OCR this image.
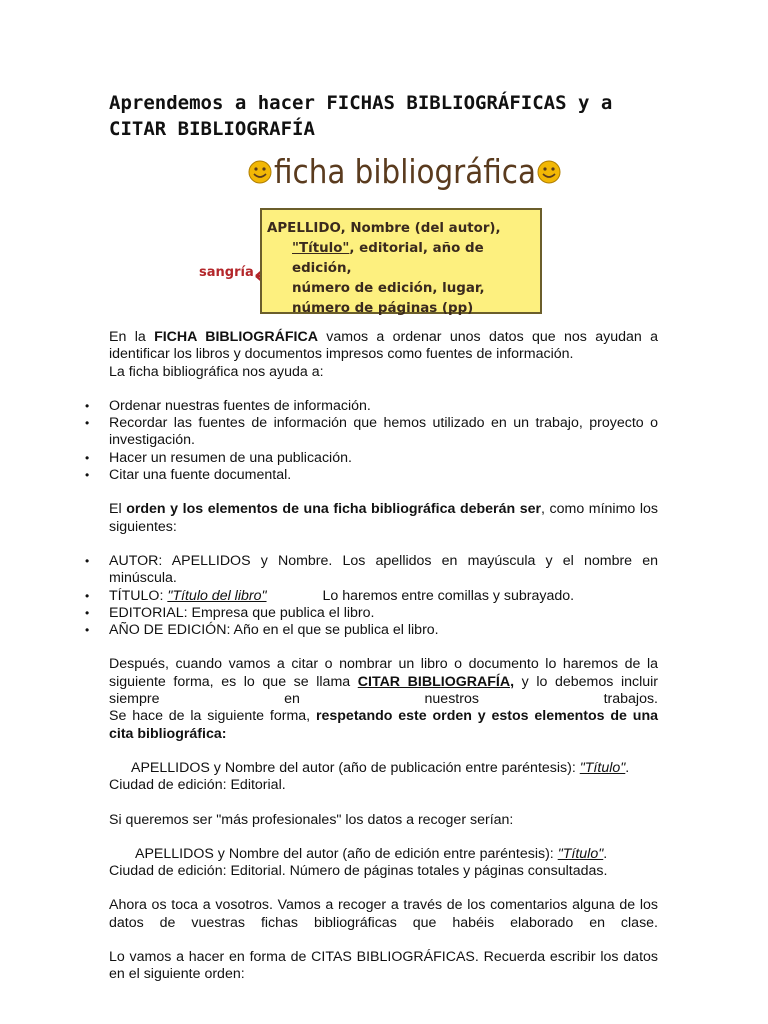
Aprendemos a hacer FICHAS BIBLIOGRÁFICAS y a CITAR BIBLIOGRAFÍA
ficha bibliográfica
sangría
APELLIDO, Nombre (del autor),
"Título", editorial, año de edición,
número de edición, lugar,
número de páginas (pp)

En la FICHA BIBLIOGRÁFICA vamos a ordenar unos datos que nos ayudan a

identificar los libros y documentos impresos como fuentes de información.

La ficha bibliográfica nos ayuda a:

• Ordenar nuestras fuentes de información.
• Recordar las fuentes de información que hemos utilizado en un trabajo, proyecto o investigación.
• Hacer un resumen de una publicación.
• Citar una fuente documental.

El orden y los elementos de una ficha bibliográfica deberán ser, como mínimo los siguientes:

• AUTOR: APELLIDOS y Nombre. Los apellidos en mayúscula y el nombre en minúscula.
• TÍTULO: "Título del libro"	Lo haremos entre comillas y subrayado.
• EDITORIAL: Empresa que publica el libro.
• AÑO DE EDICIÓN: Año en el que se publica el libro.

Después, cuando vamos a citar o nombrar un libro o documento lo haremos de la

siguiente forma, es lo que se llama CITAR BIBLIOGRAFÍA, y lo debemos incluir

siempre en nuestros trabajos.

Se hace de la siguiente forma, respetando este orden y estos elementos de una cita bibliográfica:

APELLIDOS y Nombre del autor (año de publicación entre paréntesis): "Título".

Ciudad de edición: Editorial.

Si queremos ser "más profesionales" los datos a recoger serían:

APELLIDOS y Nombre del autor (año de edición entre paréntesis): "Título".

Ciudad de edición: Editorial. Número de páginas totales y páginas consultadas.

Ahora os toca a vosotros. Vamos a recoger a través de los comentarios alguna de los datos de vuestras fichas bibliográficas que habéis elaborado en clase.

Lo vamos a hacer en forma de CITAS BIBLIOGRÁFICAS. Recuerda escribir los datos en el siguiente orden:
